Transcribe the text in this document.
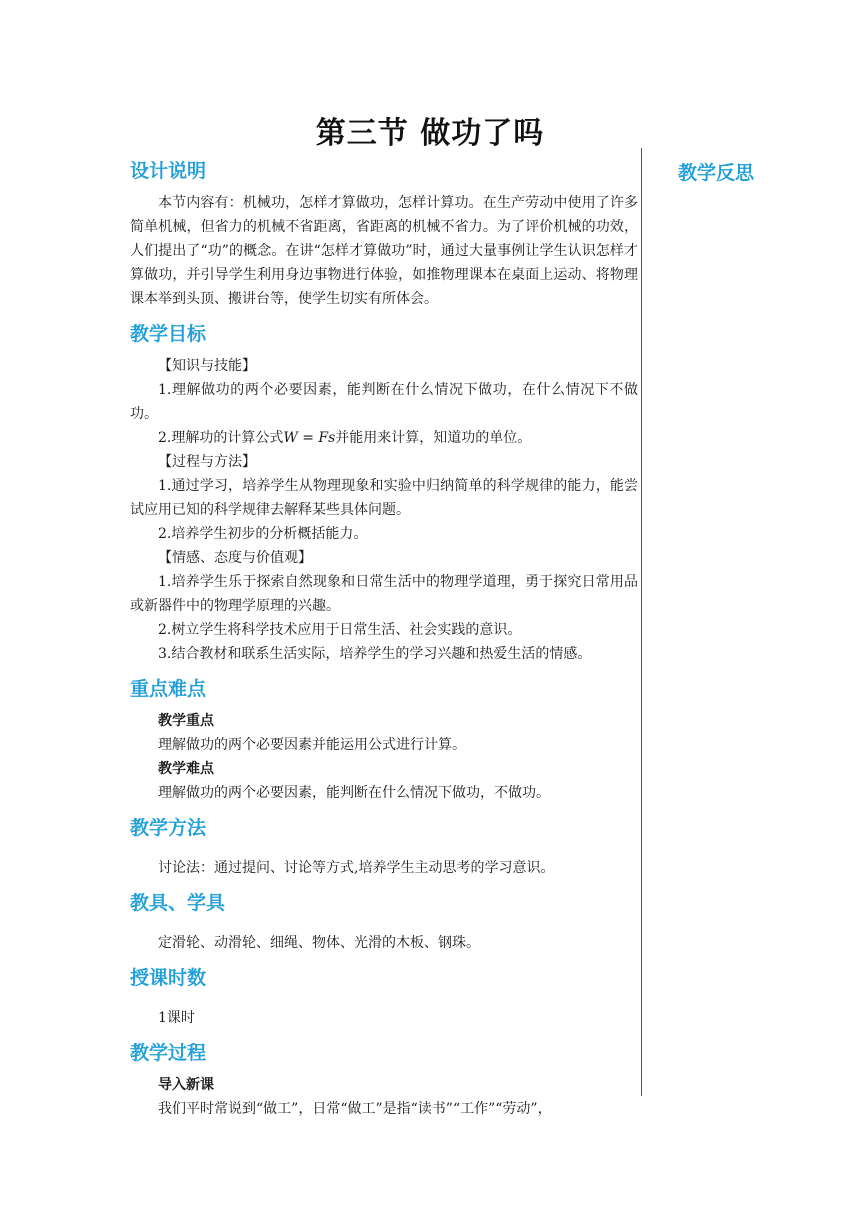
第三节 做功了吗
教学反思
设计说明

本节内容有：机械功，怎样才算做功，怎样计算功。在生产劳动中使用了许多简单机械，但省力的机械不省距离，省距离的机械不省力。为了评价机械的功效，人们提出了“功”的概念。在讲“怎样才算做功”时，通过大量事例让学生认识怎样才算做功，并引导学生利用身边事物进行体验，如推物理课本在桌面上运动、将物理课本举到头顶、搬讲台等，使学生切实有所体会。

教学目标

【知识与技能】

1.理解做功的两个必要因素，能判断在什么情况下做功，在什么情况下不做功。

2.理解功的计算公式W = Fs并能用来计算，知道功的单位。

【过程与方法】

1.通过学习，培养学生从物理现象和实验中归纳简单的科学规律的能力，能尝试应用已知的科学规律去解释某些具体问题。

2.培养学生初步的分析概括能力。

【情感、态度与价值观】

1.培养学生乐于探索自然现象和日常生活中的物理学道理，勇于探究日常用品或新器件中的物理学原理的兴趣。

2.树立学生将科学技术应用于日常生活、社会实践的意识。

3.结合教材和联系生活实际，培养学生的学习兴趣和热爱生活的情感。

重点难点

教学重点

理解做功的两个必要因素并能运用公式进行计算。

教学难点

理解做功的两个必要因素，能判断在什么情况下做功，不做功。

教学方法

讨论法：通过提问、讨论等方式,培养学生主动思考的学习意识。

教具、学具

定滑轮、动滑轮、细绳、物体、光滑的木板、钢珠。

授课时数

1课时

教学过程

导入新课

我们平时常说到“做工”，日常“做工”是指“读书”“工作”“劳动”，
